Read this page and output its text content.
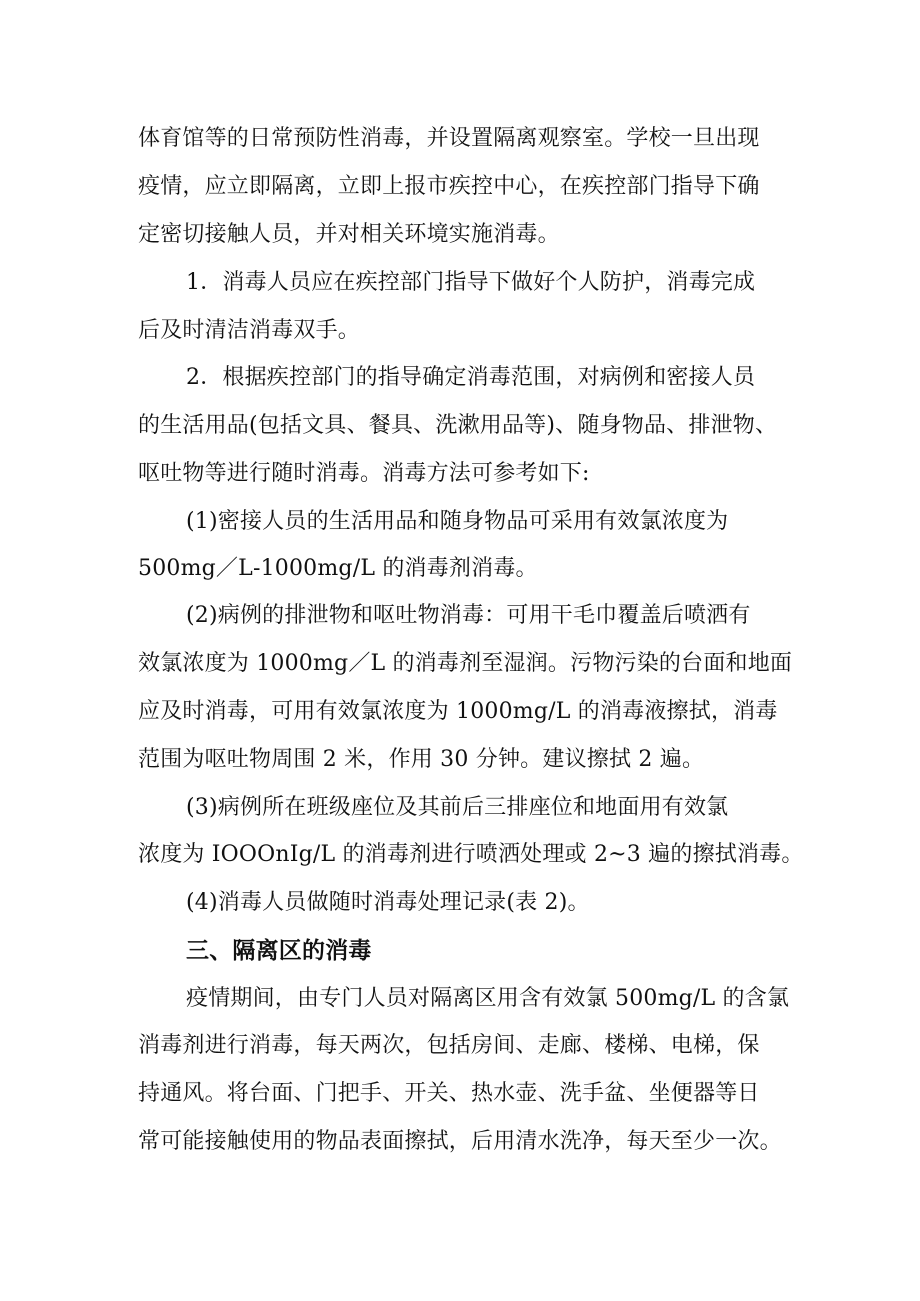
体育馆等的日常预防性消毒，并设置隔离观察室。学校一旦出现
疫情，应立即隔离，立即上报市疾控中心，在疾控部门指导下确
定密切接触人员，并对相关环境实施消毒。
1．消毒人员应在疾控部门指导下做好个人防护，消毒完成
后及时清洁消毒双手。
2．根据疾控部门的指导确定消毒范围，对病例和密接人员
的生活用品(包括文具、餐具、洗漱用品等)、随身物品、排泄物、
呕吐物等进行随时消毒。消毒方法可参考如下:
(1)密接人员的生活用品和随身物品可采用有效氯浓度为
500mg／L-1000mg/L 的消毒剂消毒。
(2)病例的排泄物和呕吐物消毒：可用干毛巾覆盖后喷洒有
效氯浓度为 1000mg／L 的消毒剂至湿润。污物污染的台面和地面
应及时消毒，可用有效氯浓度为 1000mg/L 的消毒液擦拭，消毒
范围为呕吐物周围 2 米，作用 30 分钟。建议擦拭 2 遍。
(3)病例所在班级座位及其前后三排座位和地面用有效氯
浓度为 IOOOnIg/L 的消毒剂进行喷洒处理或 2~3 遍的擦拭消毒。
(4)消毒人员做随时消毒处理记录(表 2)。
三、隔离区的消毒
疫情期间，由专门人员对隔离区用含有效氯 500mg/L 的含氯
消毒剂进行消毒，每天两次，包括房间、走廊、楼梯、电梯，保
持通风。将台面、门把手、开关、热水壶、洗手盆、坐便器等日
常可能接触使用的物品表面擦拭，后用清水洗净，每天至少一次。
